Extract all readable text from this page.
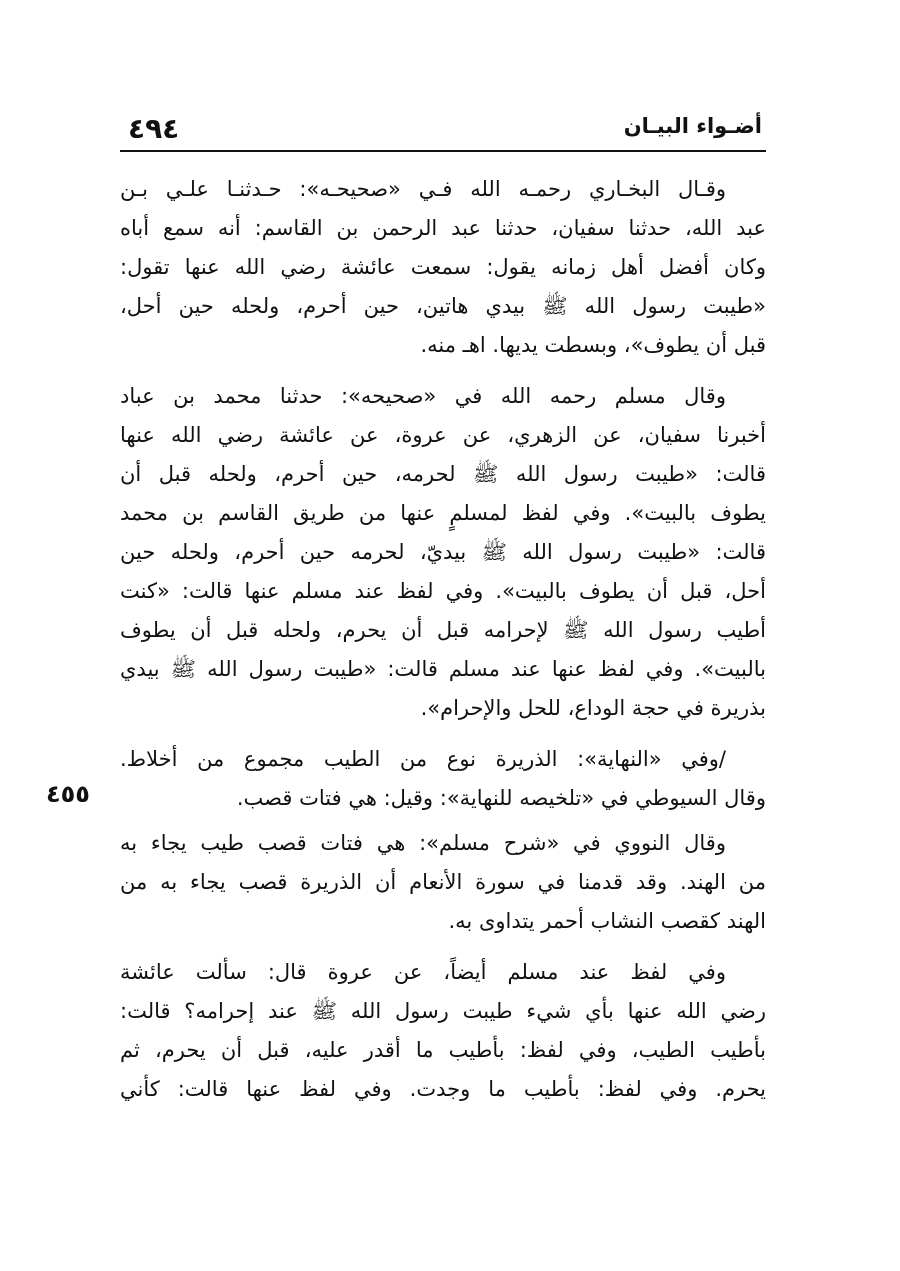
٤٩٤	أضـواء البيـان
٤٥٥

وقـال البخـاري رحمـه الله فـي «صحيحـه»: حـدثنـا علـي بـن
عبد الله، حدثنا سفيان، حدثنا عبد الرحمن بن القاسم: أنه سمع أباه
وكان أفضل أهل زمانه يقول: سمعت عائشة رضي الله عنها تقول:
«طيبت رسول الله ﷺ بيدي هاتين، حين أحرم، ولحله حين أحل،
قبل أن يطوف»، وبسطت يديها. اهـ منه.

وقال مسلم رحمه الله في «صحيحه»: حدثنا محمد بن عباد
أخبرنا سفيان، عن الزهري، عن عروة، عن عائشة رضي الله عنها
قالت: «طيبت رسول الله ﷺ لحرمه، حين أحرم، ولحله قبل أن
يطوف بالبيت». وفي لفظ لمسلمٍ عنها من طريق القاسم بن محمد
قالت: «طيبت رسول الله ﷺ بيديّ، لحرمه حين أحرم، ولحله حين
أحل، قبل أن يطوف بالبيت». وفي لفظ عند مسلم عنها قالت: «كنت
أطيب رسول الله ﷺ لإحرامه قبل أن يحرم، ولحله قبل أن يطوف
بالبيت». وفي لفظ عنها عند مسلم قالت: «طيبت رسول الله ﷺ بيدي
بذريرة في حجة الوداع، للحل والإحرام».

/وفي «النهاية»: الذريرة نوع من الطيب مجموع من أخلاط.
وقال السيوطي في «تلخيصه للنهاية»: وقيل: هي فتات قصب.

وقال النووي في «شرح مسلم»: هي فتات قصب طيب يجاء به
من الهند. وقد قدمنا في سورة الأنعام أن الذريرة قصب يجاء به من
الهند كقصب النشاب أحمر يتداوى به.

وفي لفظ عند مسلم أيضاً، عن عروة قال: سألت عائشة
رضي الله عنها بأي شيء طيبت رسول الله ﷺ عند إحرامه؟ قالت:
بأطيب الطيب، وفي لفظ: بأطيب ما أقدر عليه، قبل أن يحرم، ثم
يحرم. وفي لفظ: بأطيب ما وجدت. وفي لفظ عنها قالت: كأني
